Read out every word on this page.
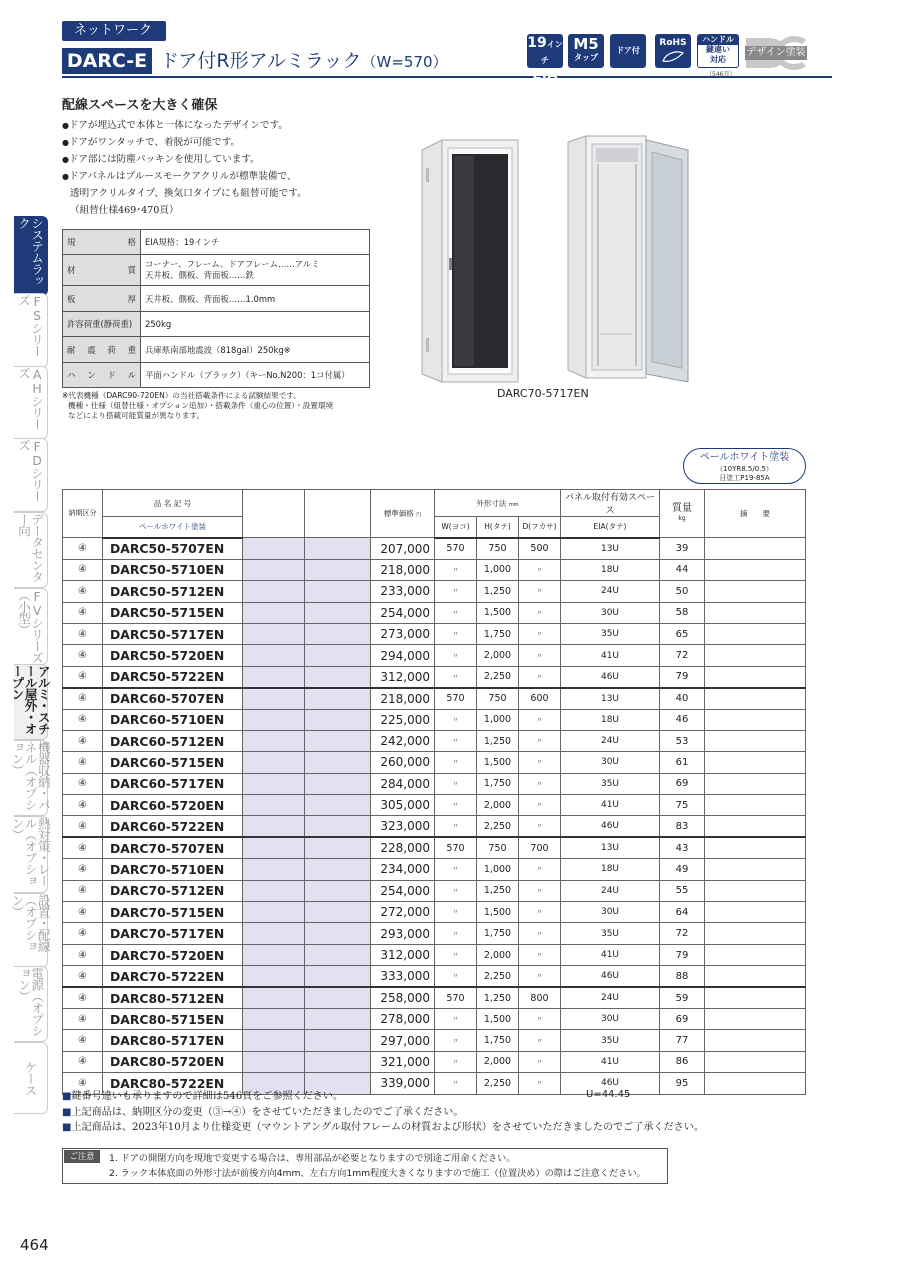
ネットワーク
DARC-E ドア付R形アルミラック（W=570）
19インチ
EIA
M5
タップ
ドア付
RoHS	ハンドル
鍵違い
対応
（546頁）
デザイン塗装
配線スペースを大きく確保
● ドアが埋込式で本体と一体になったデザインです。
● ドアがワンタッチで、着脱が可能です。
● ドア部には防塵パッキンを使用しています。
● ドアパネルはブルースモークアクリルが標準装備で、
透明アクリルタイプ、換気口タイプにも組替可能です。
（組替仕様469･470頁）
規　格	EIA規格：19インチ
材　質	コーナー、フレーム、ドアフレーム……アルミ
天井板、側板、背面板……鉄

板　厚	天井板、側板、背面板……1.0mm
許容荷重(静荷重)	250kg
耐震荷重	兵庫県南部地震波（818gal）250kg※
ハンドル	平面ハンドル（ブラック）（キーNo.N200：1コ付属）
※代表機種（DARC90-720EN）の当社搭載条件による試験結果です。
機種・仕様（組替仕様・オプション追加）・搭載条件（重心の位置）・設置環境
などにより搭載可能質量が異なります。
DARC70-5717EN
システムラック
FSシリーズ
AHシリーズ
FDシリーズ
データセンター向
FVシリーズ（小型）
アルミ・スチール屋外・オープン
機器収納・パネル（オプション）
熱対策・レール（オプション）
設置・配線（オプション）
電源（オプション）
ケース
ペールホワイト塗装
（10YR8.5/0.5）
日塗工P19-85A
納期区分	品 名 記 号			標準価格 円	外形寸法 mm			パネル取付有効スペース	質量
kg	摘　　要
	ペールホワイト塗装				W(ヨコ)	H(タテ)	D(フカサ)	EIA(タテ)		
④	DARC50-5707EN			207,000	570	750	500	13U	39	
④	DARC50-5710EN			218,000	〃	1,000	〃	18U	44	
④	DARC50-5712EN			233,000	〃	1,250	〃	24U	50	
④	DARC50-5715EN			254,000	〃	1,500	〃	30U	58	
④	DARC50-5717EN			273,000	〃	1,750	〃	35U	65	
④	DARC50-5720EN			294,000	〃	2,000	〃	41U	72	
④	DARC50-5722EN			312,000	〃	2,250	〃	46U	79	
④	DARC60-5707EN			218,000	570	750	600	13U	40	
④	DARC60-5710EN			225,000	〃	1,000	〃	18U	46	
④	DARC60-5712EN			242,000	〃	1,250	〃	24U	53	
④	DARC60-5715EN			260,000	〃	1,500	〃	30U	61	
④	DARC60-5717EN			284,000	〃	1,750	〃	35U	69	
④	DARC60-5720EN			305,000	〃	2,000	〃	41U	75	
④	DARC60-5722EN			323,000	〃	2,250	〃	46U	83	
④	DARC70-5707EN			228,000	570	750	700	13U	43	
④	DARC70-5710EN			234,000	〃	1,000	〃	18U	49	
④	DARC70-5712EN			254,000	〃	1,250	〃	24U	55	
④	DARC70-5715EN			272,000	〃	1,500	〃	30U	64	
④	DARC70-5717EN			293,000	〃	1,750	〃	35U	72	
④	DARC70-5720EN			312,000	〃	2,000	〃	41U	79	
④	DARC70-5722EN			333,000	〃	2,250	〃	46U	88	
④	DARC80-5712EN			258,000	570	1,250	800	24U	59	
④	DARC80-5715EN			278,000	〃	1,500	〃	30U	69	
④	DARC80-5717EN			297,000	〃	1,750	〃	35U	77	
④	DARC80-5720EN			321,000	〃	2,000	〃	41U	86	
④	DARC80-5722EN			339,000	〃	2,250	〃	46U	95	
■鍵番号違いも承りますので詳細は546頁をご参照ください。
■上記商品は、納期区分の変更（③→④）をさせていただきましたのでご了承ください。
■上記商品は、2023年10月より仕様変更（マウントアングル取付フレームの材質および形状）をさせていただきましたのでご了承ください。
U=44.45
ご注意	1. ドアの開閉方向を現地で変更する場合は、専用部品が必要となりますので別途ご用命ください。
2. ラック本体底面の外形寸法が前後方向4mm、左右方向1mm程度大きくなりますので施工（位置決め）の際はご注意ください。
464
